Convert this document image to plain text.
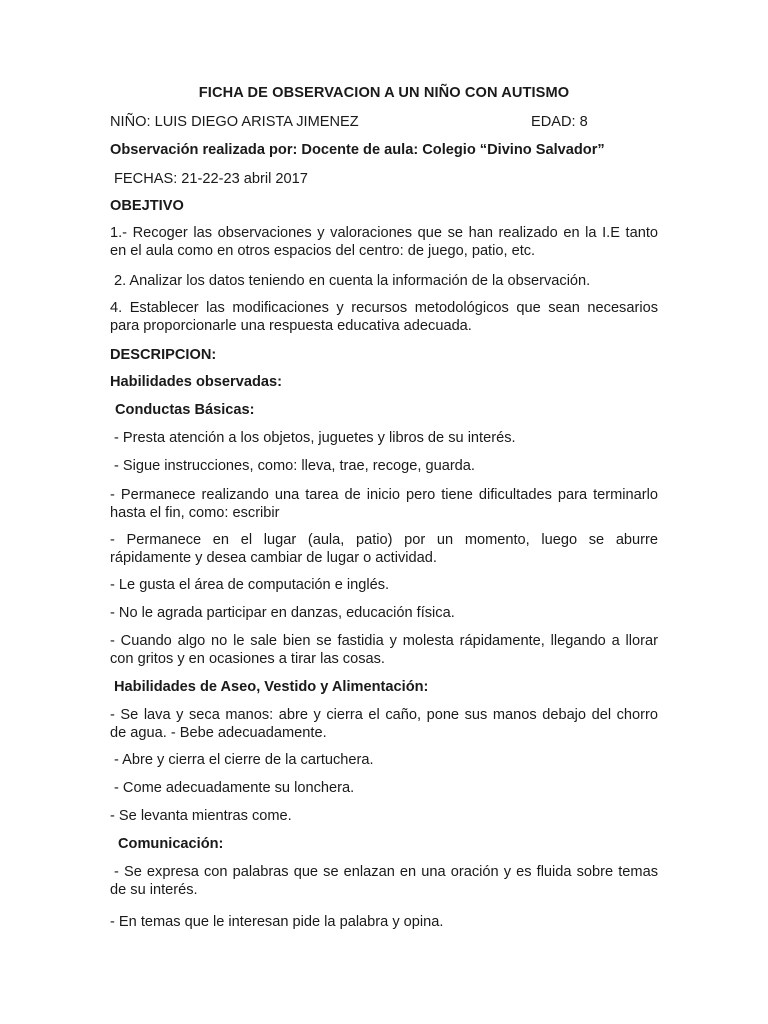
FICHA DE OBSERVACION A UN NIÑO CON AUTISMO
NIÑO: LUIS DIEGO ARISTA JIMENEZ	EDAD: 8
Observación realizada por: Docente de aula: Colegio “Divino Salvador”
FECHAS: 21-22-23 abril 2017
OBEJTIVO
1.- Recoger las observaciones y valoraciones que se han realizado en la I.E tanto
en el aula como en otros espacios del centro: de juego, patio, etc.
2. Analizar los datos teniendo en cuenta la información de la observación.
4. Establecer las modificaciones y recursos metodológicos que sean necesarios
para proporcionarle una respuesta educativa adecuada.
DESCRIPCION:
Habilidades observadas:
Conductas Básicas:
- Presta atención a los objetos, juguetes y libros de su interés.
- Sigue instrucciones, como: lleva, trae, recoge, guarda.
- Permanece realizando una tarea de inicio pero tiene dificultades para terminarlo
hasta el fin, como: escribir
- Permanece en el lugar (aula, patio) por un momento, luego se aburre
rápidamente y desea cambiar de lugar o actividad.
- Le gusta el área de computación e inglés.
- No le agrada participar en danzas, educación física.
- Cuando algo no le sale bien se fastidia y molesta rápidamente, llegando a llorar
con gritos y en ocasiones a tirar las cosas.
Habilidades de Aseo, Vestido y Alimentación:
- Se lava y seca manos: abre y cierra el caño, pone sus manos debajo del chorro
de agua. - Bebe adecuadamente.
- Abre y cierra el cierre de la cartuchera.
- Come adecuadamente su lonchera.
- Se levanta mientras come.
Comunicación:
- Se expresa con palabras que se enlazan en una oración y es fluida sobre temas
de su interés.
- En temas que le interesan pide la palabra y opina.
